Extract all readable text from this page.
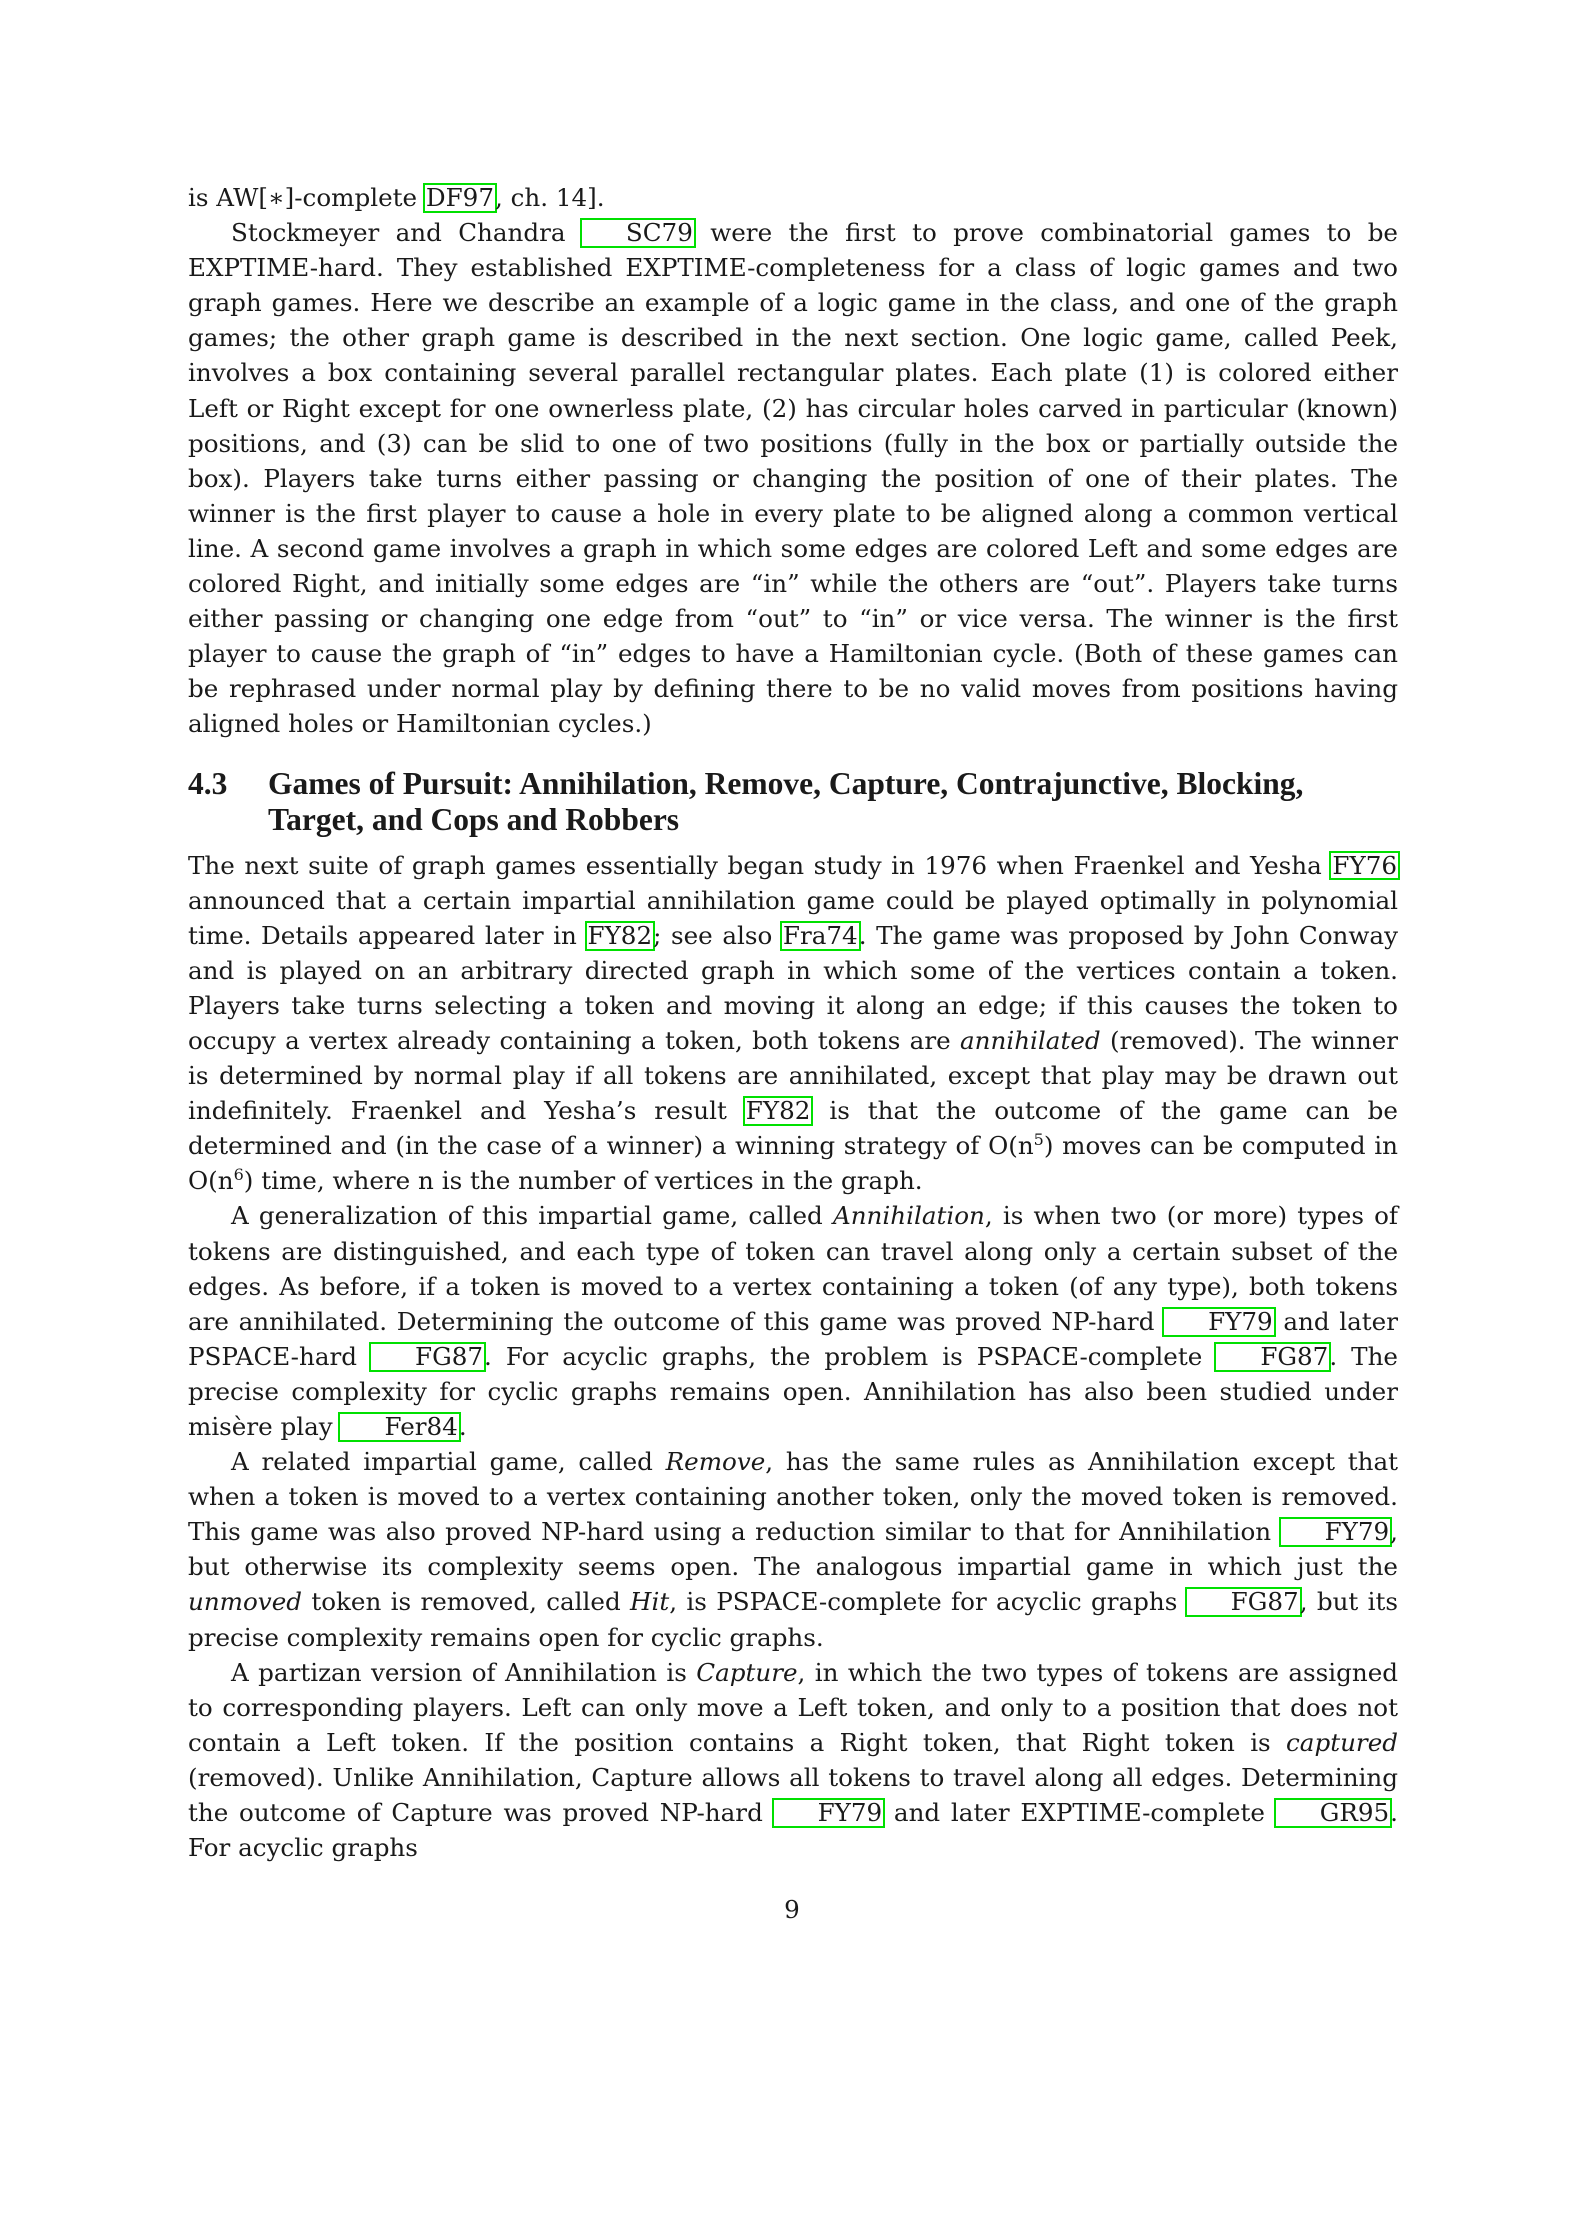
is AW[∗]-complete DF97, ch. 14].

Stockmeyer and Chandra SC79 were the first to prove combinatorial games to be EXPTIME-hard. They established EXPTIME-completeness for a class of logic games and two graph games. Here we describe an example of a logic game in the class, and one of the graph games; the other graph game is described in the next section. One logic game, called Peek, involves a box containing several parallel rectangular plates. Each plate (1) is colored either Left or Right except for one ownerless plate, (2) has circular holes carved in particular (known) positions, and (3) can be slid to one of two positions (fully in the box or partially outside the box). Players take turns either passing or changing the position of one of their plates. The winner is the first player to cause a hole in every plate to be aligned along a common vertical line. A second game involves a graph in which some edges are colored Left and some edges are colored Right, and initially some edges are “in” while the others are “out”. Players take turns either passing or changing one edge from “out” to “in” or vice versa. The winner is the first player to cause the graph of “in” edges to have a Hamiltonian cycle. (Both of these games can be rephrased under normal play by defining there to be no valid moves from positions having aligned holes or Hamiltonian cycles.)

4.3	Games of Pursuit: Annihilation, Remove, Capture, Contrajunctive, Blocking, Target, and Cops and Robbers

The next suite of graph games essentially began study in 1976 when Fraenkel and Yesha FY76 announced that a certain impartial annihilation game could be played optimally in polynomial time. Details appeared later in FY82; see also Fra74. The game was proposed by John Conway and is played on an arbitrary directed graph in which some of the vertices contain a token. Players take turns selecting a token and moving it along an edge; if this causes the token to occupy a vertex already containing a token, both tokens are annihilated (removed). The winner is determined by normal play if all tokens are annihilated, except that play may be drawn out indefinitely. Fraenkel and Yesha’s result FY82 is that the outcome of the game can be determined and (in the case of a winner) a winning strategy of $O(n^5)$ moves can be computed in $O(n^6)$ time, where n is the number of vertices in the graph.

A generalization of this impartial game, called Annihilation, is when two (or more) types of tokens are distinguished, and each type of token can travel along only a certain subset of the edges. As before, if a token is moved to a vertex containing a token (of any type), both tokens are annihilated. Determining the outcome of this game was proved NP-hard FY79 and later PSPACE-hard FG87. For acyclic graphs, the problem is PSPACE-complete FG87. The precise complexity for cyclic graphs remains open. Annihilation has also been studied under misère play Fer84.

A related impartial game, called Remove, has the same rules as Annihilation except that when a token is moved to a vertex containing another token, only the moved token is removed. This game was also proved NP-hard using a reduction similar to that for Annihilation FY79, but otherwise its complexity seems open. The analogous impartial game in which just the unmoved token is removed, called Hit, is PSPACE-complete for acyclic graphs FG87, but its precise complexity remains open for cyclic graphs.

A partizan version of Annihilation is Capture, in which the two types of tokens are assigned to corresponding players. Left can only move a Left token, and only to a position that does not contain a Left token. If the position contains a Right token, that Right token is captured (removed). Unlike Annihilation, Capture allows all tokens to travel along all edges. Determining the outcome of Capture was proved NP-hard FY79 and later EXPTIME-complete GR95. For acyclic graphs

9
